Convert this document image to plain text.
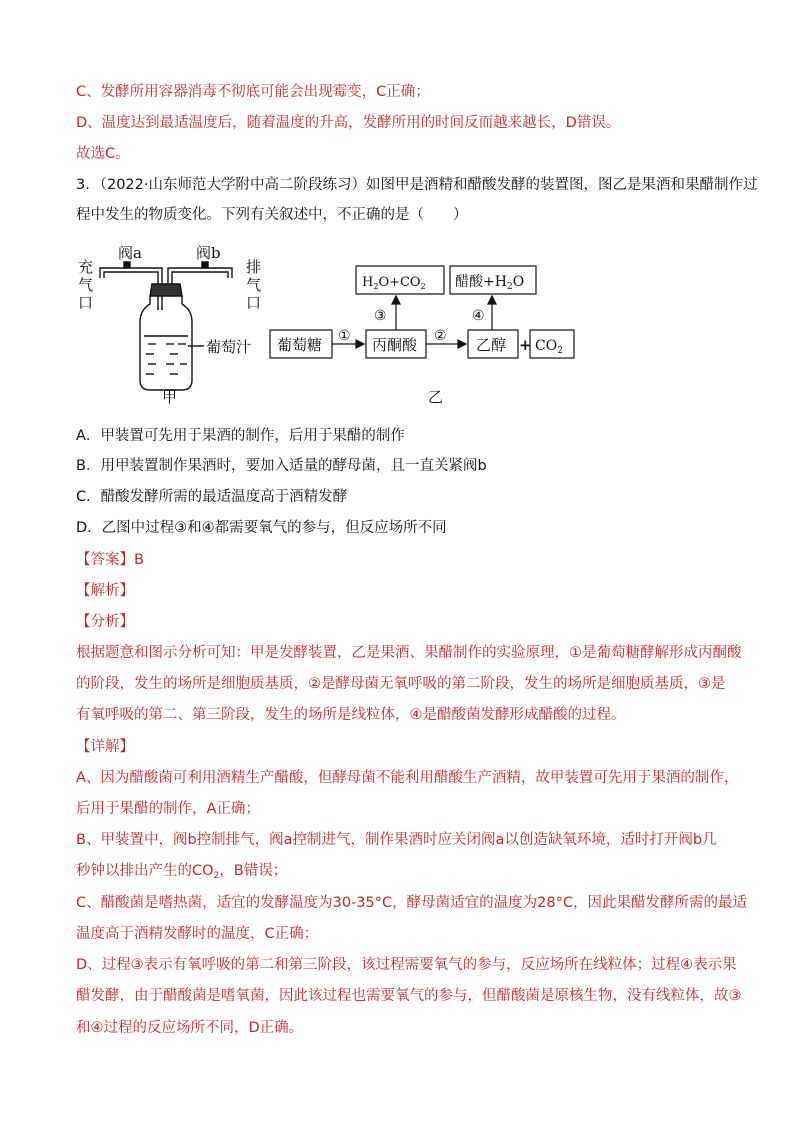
C、发酵所用容器消毒不彻底可能会出现霉变，C正确；
D、温度达到最适温度后，随着温度的升高，发酵所用的时间反而越来越长，D错误。
故选C。
3．（2022·山东师范大学附中高二阶段练习）如图甲是酒精和醋酸发酵的装置图，图乙是果酒和果醋制作过
程中发生的物质变化。下列有关叙述中，不正确的是（　　）
阀a	阀b
充
气
口
排
气
口
葡萄汁
甲
葡萄糖	丙酮酸	乙醇 + $CO_2$
$H_2O+CO_2$ 醋酸$+H_2O$
①	②
③	④
乙
A．甲装置可先用于果酒的制作，后用于果醋的制作
B．用甲装置制作果酒时，要加入适量的酵母菌，且一直关紧阀b
C．醋酸发酵所需的最适温度高于酒精发酵
D．乙图中过程③和④都需要氧气的参与，但反应场所不同
【答案】B
【解析】
【分析】
根据题意和图示分析可知：甲是发酵装置，乙是果酒、果醋制作的实验原理，①是葡萄糖酵解形成丙酮酸
的阶段，发生的场所是细胞质基质，②是酵母菌无氧呼吸的第二阶段，发生的场所是细胞质基质，③是
有氧呼吸的第二、第三阶段，发生的场所是线粒体，④是醋酸菌发酵形成醋酸的过程。
【详解】
A、因为醋酸菌可利用酒精生产醋酸，但酵母菌不能利用醋酸生产酒精，故甲装置可先用于果酒的制作，
后用于果醋的制作，A正确；
B、甲装置中，阀b控制排气，阀a控制进气，制作果酒时应关闭阀a以创造缺氧环境，适时打开阀b几
秒钟以排出产生的$CO_2$，B错误；
C、醋酸菌是嗜热菌，适宜的发酵温度为30-35°C，酵母菌适宜的温度为28°C，因此果醋发酵所需的最适
温度高于酒精发酵时的温度，C正确；
D、过程③表示有氧呼吸的第二和第三阶段，该过程需要氧气的参与，反应场所在线粒体；过程④表示果
醋发酵，由于醋酸菌是嗜氧菌，因此该过程也需要氧气的参与，但醋酸菌是原核生物，没有线粒体，故③
和④过程的反应场所不同，D正确。
